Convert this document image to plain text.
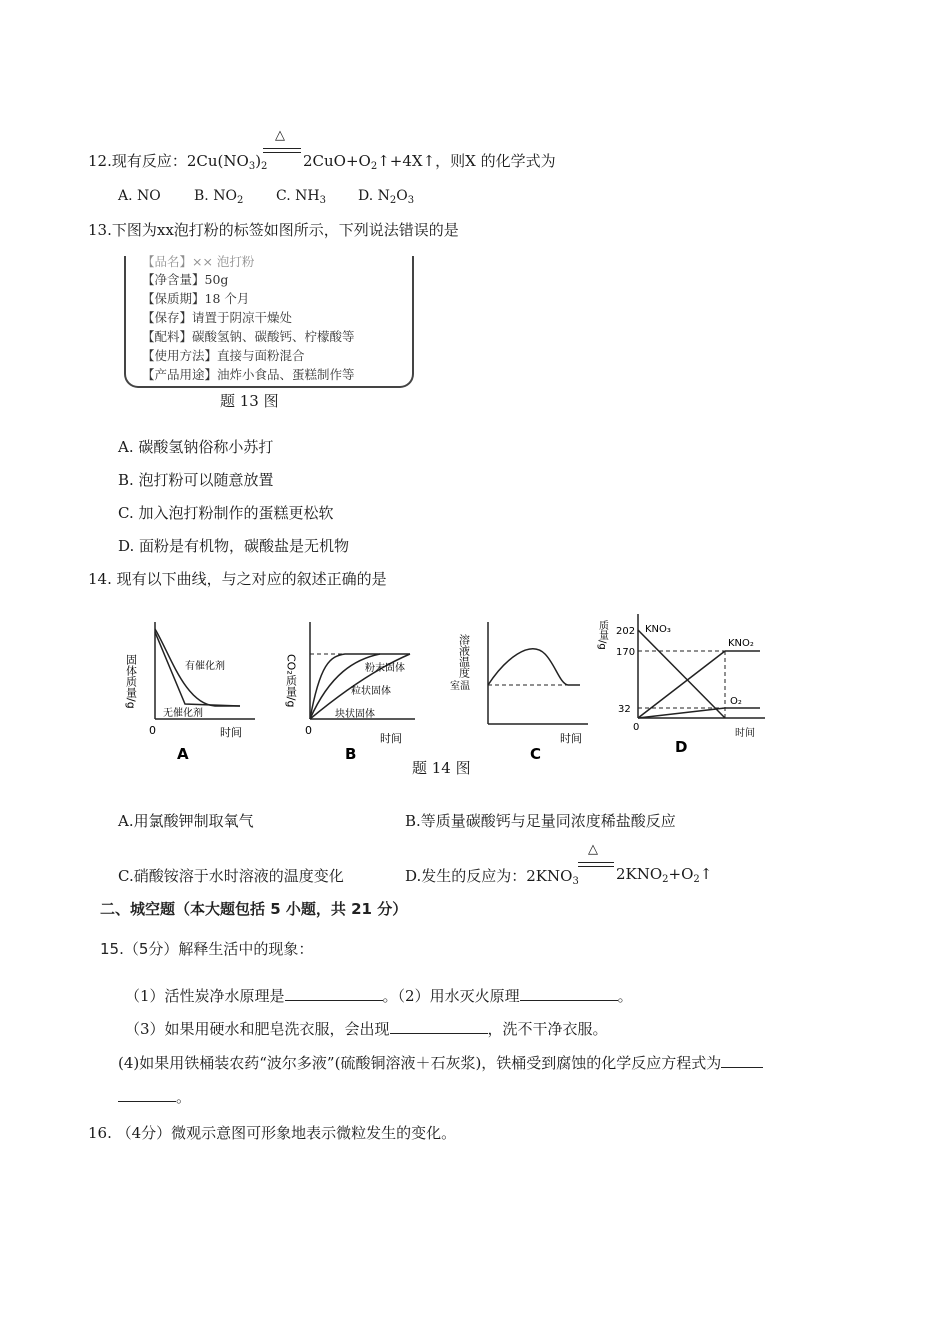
12.现有反应：$2Cu(NO_3)_2$
△
$2CuO+O_2↑+4X↑$，则X 的化学式为
A. NO B. $NO_2$ C. $NH_3$ D. $N_2O_3$
13.下图为xx泡打粉的标签如图所示，下列说法错误的是
【品名】×× 泡打粉
【净含量】50g
【保质期】18 个月
【保存】请置于阴凉干燥处
【配料】碳酸氢钠、碳酸钙、柠檬酸等
【使用方法】直接与面粉混合
【产品用途】油炸小食品、蛋糕制作等
题 13 图
A. 碳酸氢钠俗称小苏打
B. 泡打粉可以随意放置
C. 加入泡打粉制作的蛋糕更松软
D. 面粉是有机物，碳酸盐是无机物
14. 现有以下曲线，与之对应的叙述正确的是
固体质量/g	有催化剂
无催化剂
0	时间
A
CO₂质量/g	粉末固体
粒状固体
块状固体
0
时间
B
溶液温度
室温
时间
C
质量/g 202
170
32
KNO₃
KNO₂
O₂
0
时间
D
题 14 图
A.用氯酸钾制取氧气	B.等质量碳酸钙与足量同浓度稀盐酸反应
C.硝酸铵溶于水时溶液的温度变化	D.发生的反应为：$2KNO_3$
△
$2KNO_2+O_2↑$
二、城空题（本大题包括 5 小题，共 21 分）
15.（5分）解释生活中的现象：
（1）活性炭净水原理是	。（2）用水灭火原理	。
（3）如果用硬水和肥皂洗衣服，会出现	，洗不干净衣服。
(4)如果用铁桶装农药“波尔多液”(硫酸铜溶液＋石灰浆)，铁桶受到腐蚀的化学反应方程式为
。
16. （4分）微观示意图可形象地表示微粒发生的变化。
